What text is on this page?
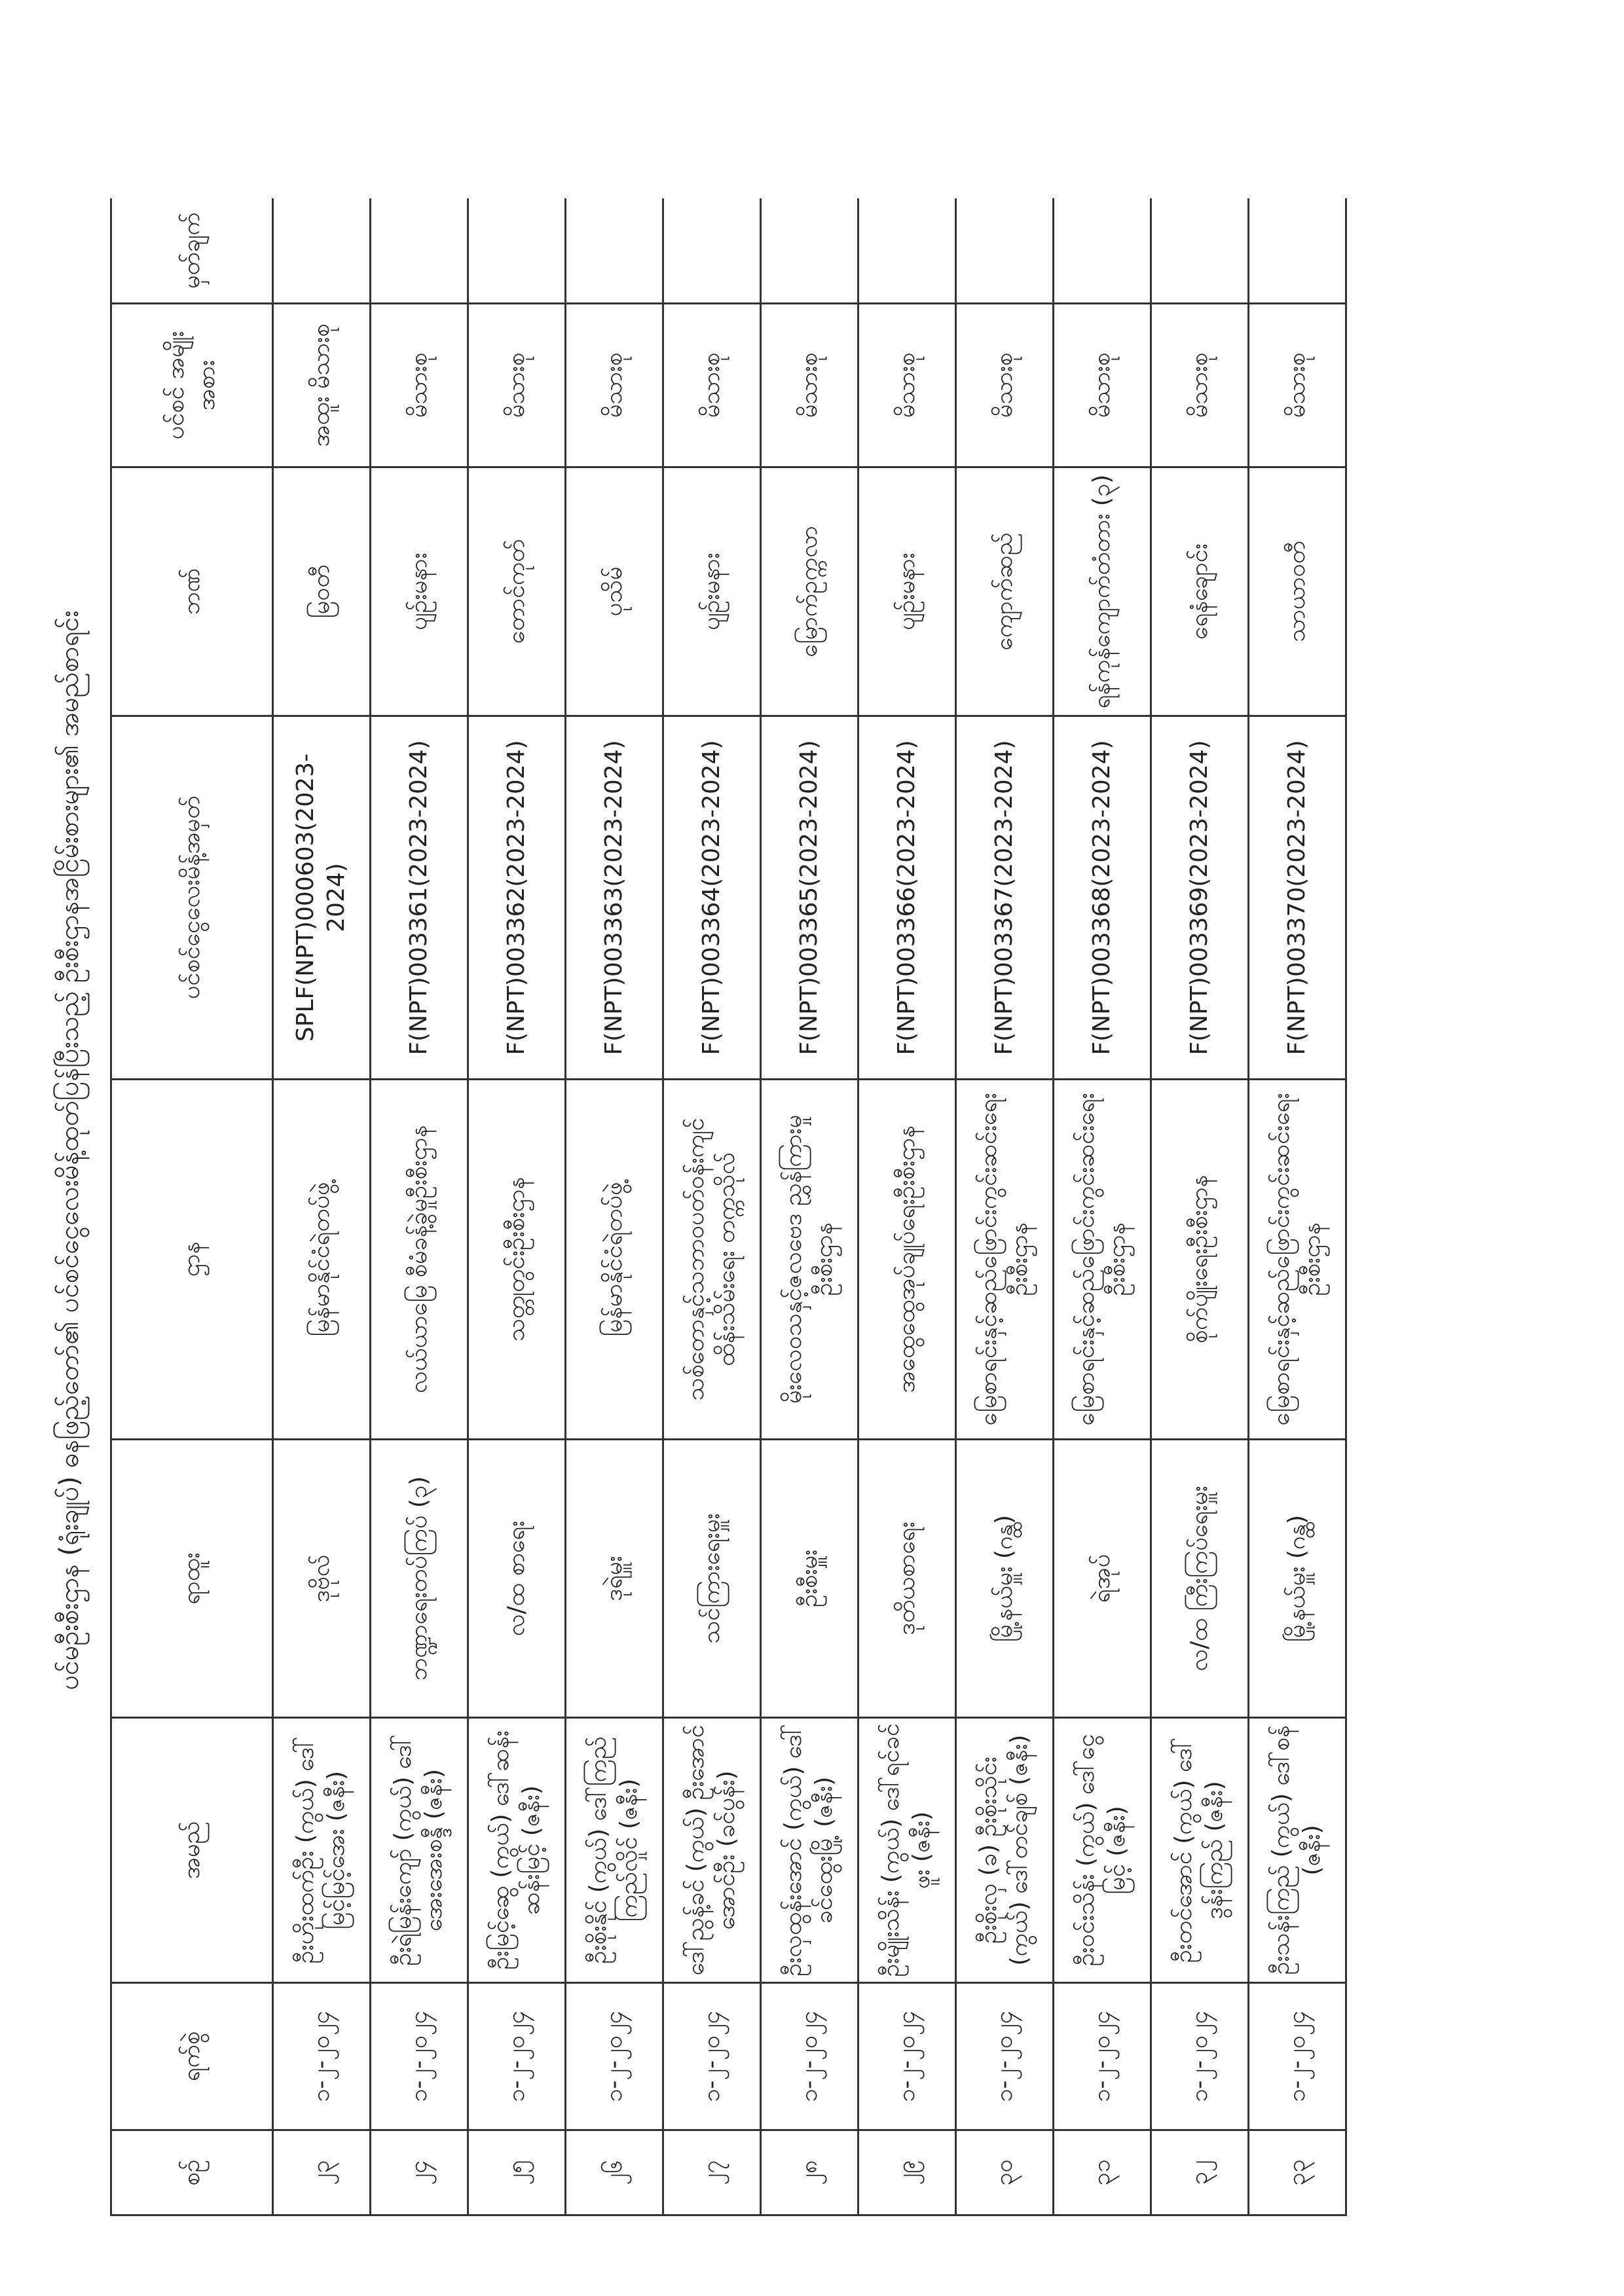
ပင်မဦးစီးဌာန (ရုံးချုပ်) ဓနဖြည့်တော်၏ ပင်စင်ငွေလေးမိန့်ထုတ်ပြန်ပြီးသည့် ဦးစီးဌာနအငြိမ်းစားများ၏ အမည်စာရင်း
စဉ်	ရက်စွဲ	အမည်	ရာထူး	ဌာန	ပင်စင်ငွေလေးမိန့်အမှတ်	ဘဏ်	ပင်စင် အမျိုးအစား	မှတ်ချက်
၂၃	၁-၂-၂၀၂၄	ဦးဟိုးထက်ဦး (ကွယ်) ဒေါ်မြင့်မြင့်အေး (ဇနီး)	ဒုဗိုလ်	မြန်မာနိုင်ငံရဲတပ်ဖွဲ့	SPLF(NPT)000603(2023-2024)	မြဝတီ	အထူး မိသားစု	
၂၄	၁-၂-၂၀၂၄	ဦးရဲမြန်းကျော် (ကွယ်) ဒေါ်အေးအေးစန္ဒီ (ဇနီး)	ဘဏ္ဍာရေးတပ်ကြပ် (၃)	လယ်ယာမြေ စီမံခန့်ခွဲမှုဦးစီးဌာန	F(NPT)003361(2023-2024)	ပျဉ်းမနား	မိသားစု	
၂၅	၁-၂-၂၀၂၄	ဦးမြင့်ဆွေ (ကွယ်) ဒေါ်ဆန်းဆန်းမြင့် (ဇနီး)	လ/ထ စာရေး	သတ္တုတွင်းဦးစီးဌာန	F(NPT)003362(2023-2024)	တောင်ကုတ်	မိသားစု	
၂၆	၁-၂-၂၀၂၄	ဦးစိုးနိုင် (ကွယ်) ဒေါ်ကြည်ကြည်လှိုင် (ဇနီး)	ဒုရဲမှူး	မြန်မာနိုင်ငံရဲတပ်ဖွဲ့	F(NPT)003363(2023-2024)	ပုသိမ်	မိသားစု	
၂၇	၁-၂-၂၀၂၄	ဒေါ်ညွန့်ခင် (ကွယ်) ဦးအောင်အောင်ဦး (ခင်ပွန်း)	သင်ကြားရေးမှူး	သစ်တောနှင့်သဘာဝပတ်ဝန်းကျင်ထိန်းသိမ်းရေး တက္ကသိုလ်	F(NPT)003364(2023-2024)	ပျဉ်းမနား	မိသားစု	
၂၈	၁-၂-၂၀၂၄	ဦးလှထွန်းအောင် (ကွယ်) ဒေါ်ခင်ထွေးမြို့ (ဇနီး)	ဦးစီးမှူး	မိုးလေဝသနှင့်ဇလဗေဒ ညွှန်ကြားမှုဦးစီးဌာန	F(NPT)003365(2023-2024)	မြောက်ဥက္ကလာ	မိသားစု	
၂၉	၁-၂-၂၀၂၄	ဦးမျိုးသိန်း (ကွယ်) ဒေါ်ရင်ခင်ဖူး (ဇနီး)	ဒုတိယစာရေး	အထွေထွေအုပ်ချုပ်ရေးဦးစီးဌာန	F(NPT)003366(2023-2024)	ပျဉ်းမနား	မိသားစု	
၃၀	၁-၂-၂၀၂၄	ဦးစိုးလှ (ခ) ဦးစိုးသိုင်း (ကွယ်) ဒေါ်တင်ချစ် (ဇနီး)	မြို့နယ်မှူး (ဂန္ထ)	မြေစာရင်းနှင့်ဆည်ဖြောင်းကွင်းဆင်းရေး ဦးစီးဌာန	F(NPT)003367(2023-2024)	ကျောက်ဆည်	မိသားစု	
၃၁	၁-၂-၂၀၂၄	ဦးဝင်းသိန်း (ကွယ်) ဒေါ်ငွေမြင့် (ဇနီး)	ရဲအုပ်	မြေစာရင်းနှင့်ဆည်ဖြောင်းကွင်းဆင်းရေး ဦးစီးဌာန	F(NPT)003368(2023-2024)	ရန်ကုန်ကျောက်တံတား (၃)	မိသားစု	
၃၂	၁-၂-၂၀၂၄	ဦးတင်အောင် (ကွယ်) ဒေါ်ဒွန်းကြည် (ဇနီး)	လ/ထ ကြီးကြပ်ရေးမှူး	စိုက်ပျိုးရေးဦးစီးဌာန	F(NPT)003369(2023-2024)	ရေနံချောင်း	မိသားစု	
၃၃	၁-၂-၂၀၂၄	ဦးသန်းကြည် (ကွယ်) ဒေါ်စန် (ဇနီး)	မြို့နယ်မှူး (ဂန္ထ)	မြေစာရင်းနှင့်ဆည်ဖြောင်းကွင်းဆင်းရေး ဦးစီးဌာန	F(NPT)003370(2023-2024)	သာယာဝတီ	မိသားစု	
